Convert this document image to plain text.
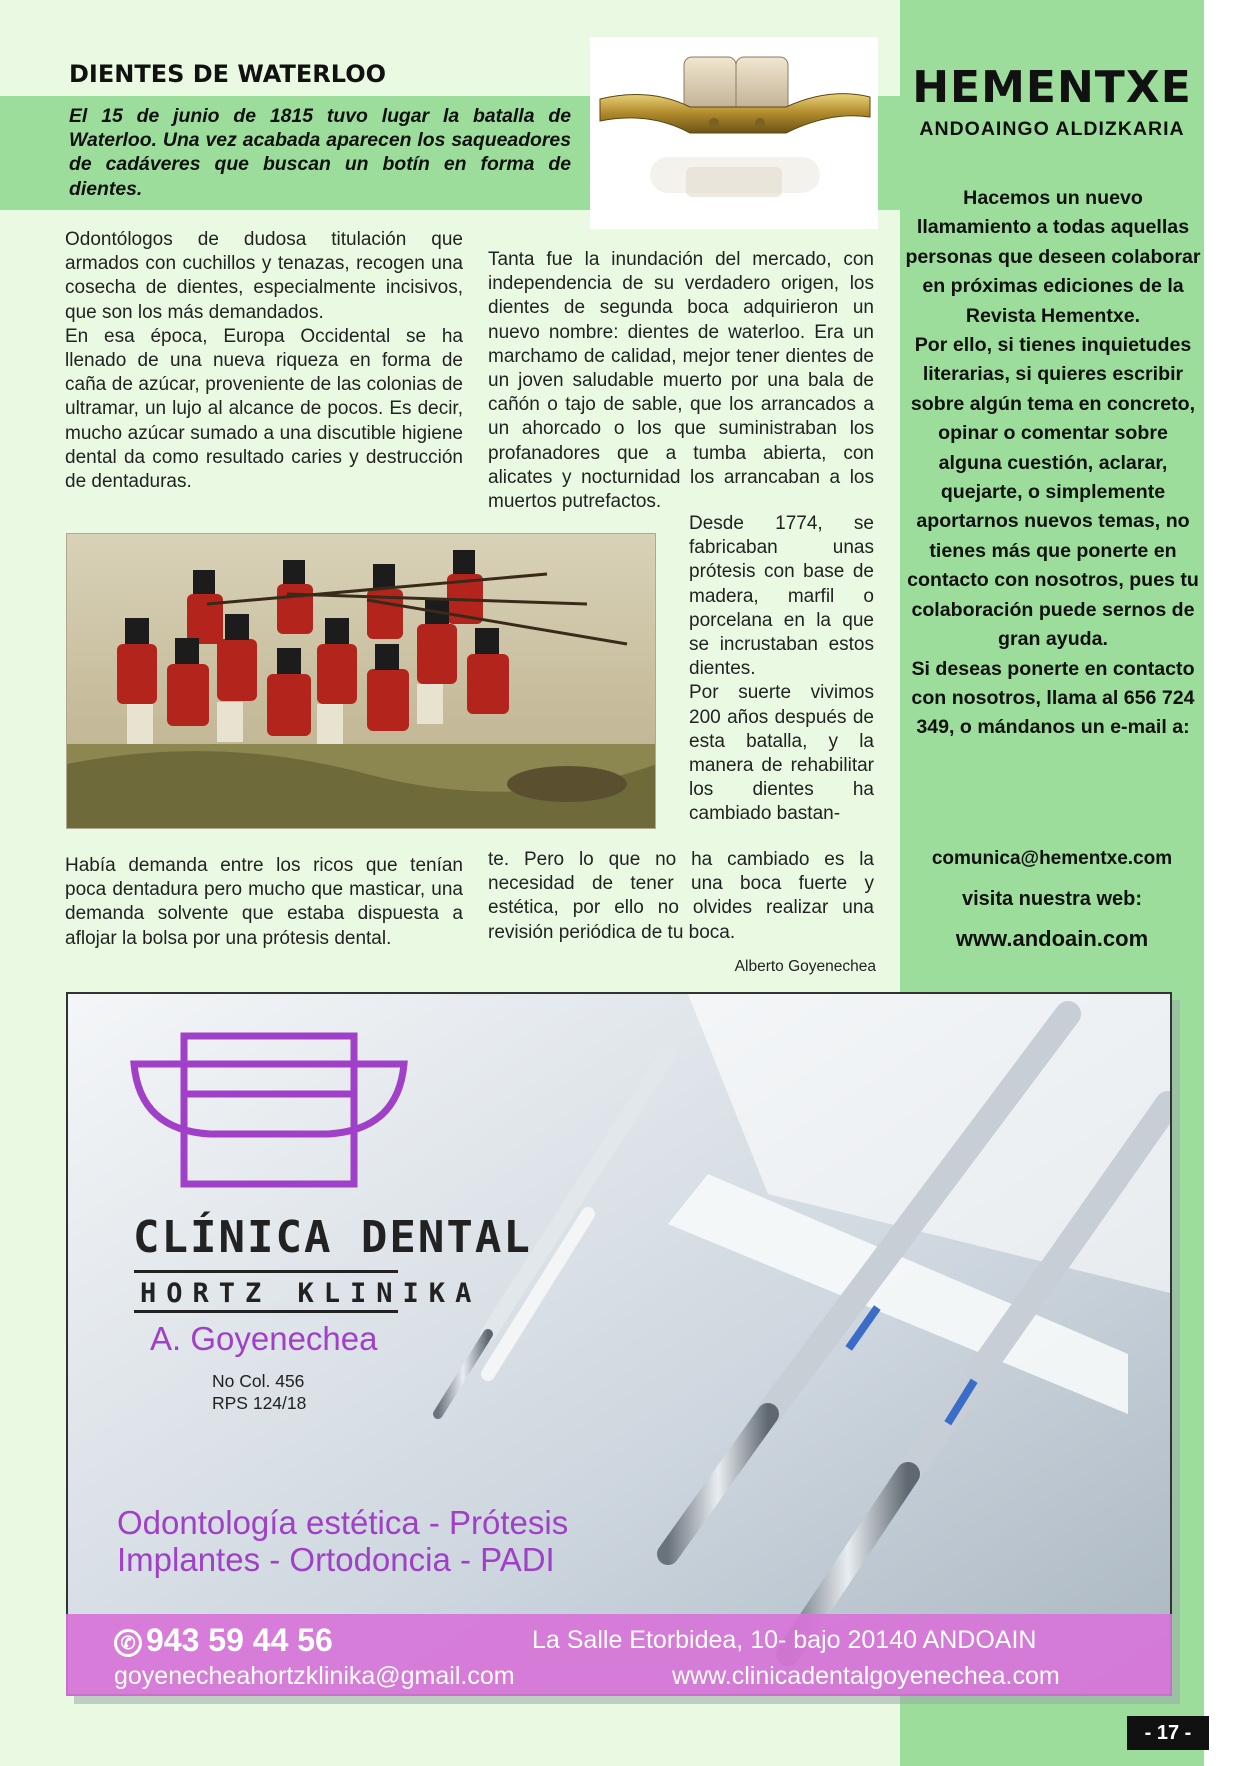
HEMENTXE
ANDOAINGO ALDIZKARIA

Hacemos un nuevo llamamiento a todas aquellas personas que deseen colaborar en próximas ediciones de la Revista Hementxe.

Por ello, si tienes inquietudes literarias, si quieres escribir sobre algún tema en concreto, opinar o comentar sobre alguna cuestión, aclarar, quejarte, o simplemente aportarnos nuevos temas, no tienes más que ponerte en contacto con nosotros, pues tu colaboración puede sernos de gran ayuda.

Si deseas ponerte en contacto con nosotros, llama al 656 724 349, o mándanos un e-mail a:

comunica@hementxe.com
visita nuestra web:
www.andoain.com
DIENTES DE WATERLOO
El 15 de junio de 1815 tuvo lugar la batalla de Waterloo. Una vez acabada aparecen los saqueadores de cadáveres que buscan un botín en forma de dientes.

Odontólogos de dudosa titulación que armados con cuchillos y tenazas, recogen una cosecha de dientes, especialmente incisivos, que son los más demandados.

En esa época, Europa Occidental se ha llenado de una nueva riqueza en forma de caña de azúcar, proveniente de las colonias de ultramar, un lujo al alcance de pocos. Es decir, mucho azúcar sumado a una discutible higiene dental da como resultado caries y destrucción de dentaduras.

Tanta fue la inundación del mercado, con independencia de su verdadero origen, los dientes de segunda boca adquirieron un nuevo nombre: dientes de waterloo. Era un marchamo de calidad, mejor tener dientes de un joven saludable muerto por una bala de cañón o tajo de sable, que los arrancados a un ahorcado o los que suministraban los profanadores que a tumba abierta, con alicates y nocturnidad los arrancaban a los muertos putrefactos.

Desde 1774, se fabricaban unas prótesis con base de madera, marfil o porcelana en la que se incrustaban estos dientes.

Por suerte vivimos 200 años después de esta batalla, y la manera de rehabilitar los dientes ha cambiado bastan-

te. Pero lo que no ha cambiado es la necesidad de tener una boca fuerte y estética, por ello no olvides realizar una revisión periódica de tu boca.

Había demanda entre los ricos que tenían poca dentadura pero mucho que masticar, una demanda solvente que estaba dispuesta a aflojar la bolsa por una prótesis dental.

Alberto Goyenechea
CLÍNICA DENTAL
HORTZ KLINIKA
A. Goyenechea
No Col. 456
RPS 124/18
Odontología estética - Prótesis
Implantes - Ortodoncia - PADI
✆ 943 59 44 56	La Salle Etorbidea, 10- bajo 20140 ANDOAIN
goyenecheahortzklinika@gmail.com	www.clinicadentalgoyenechea.com
- 17 -
